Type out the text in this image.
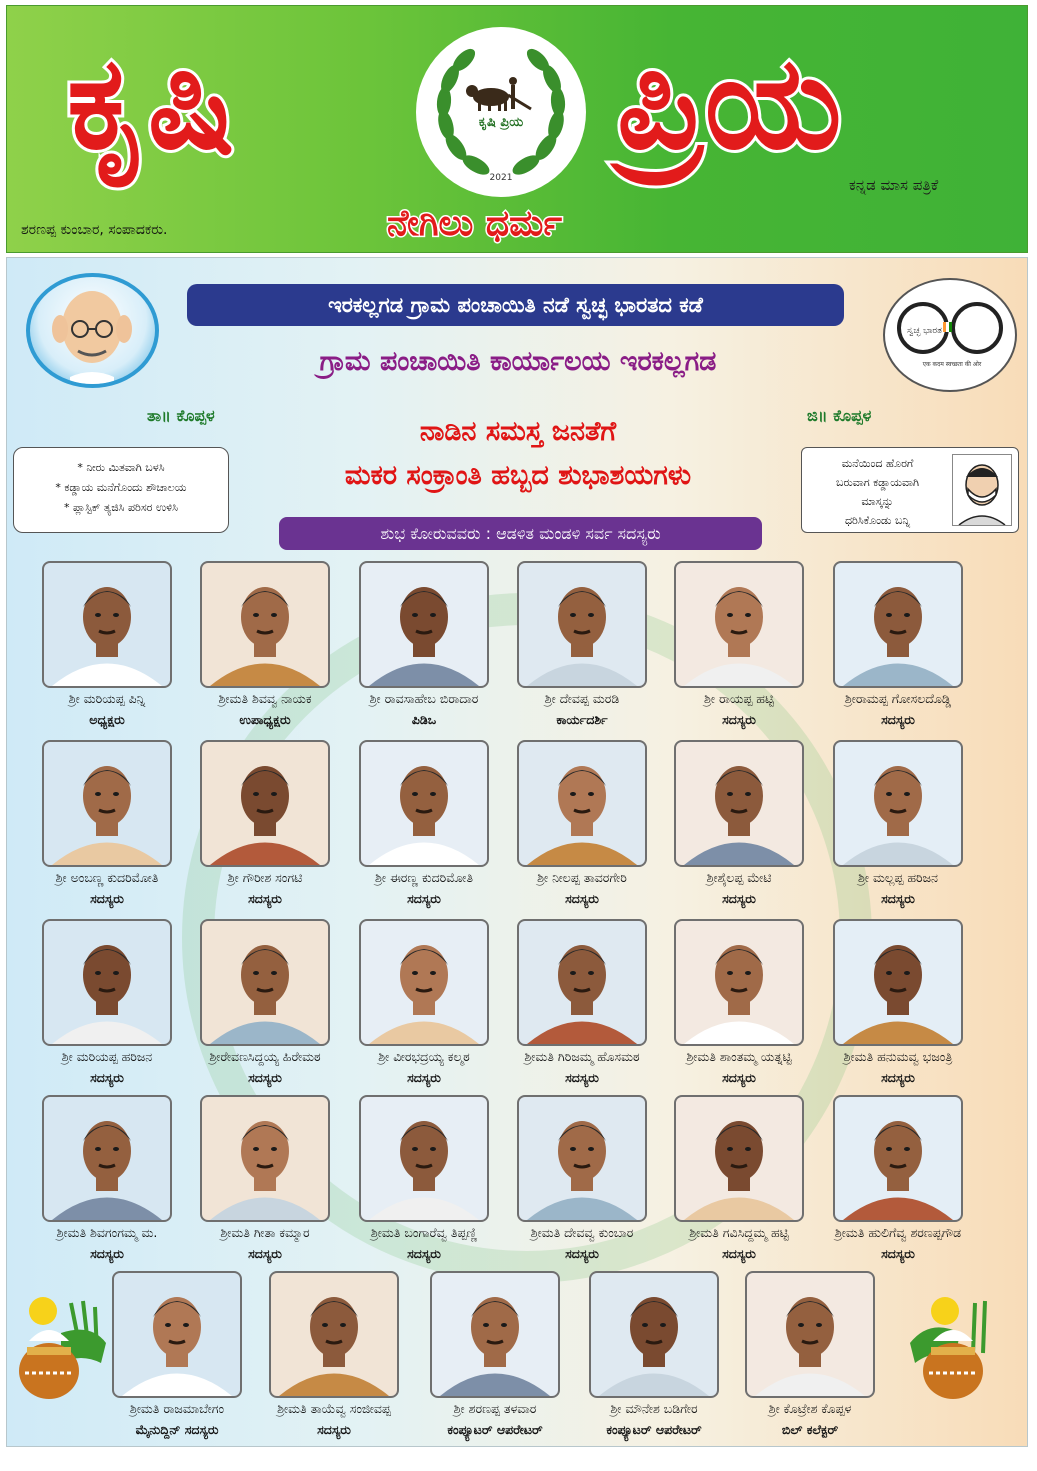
ಕೃಷಿ	ಕೃಷಿ ಪ್ರಿಯ
2021 ಪ್ರಿಯ
ಕನ್ನಡ ಮಾಸ ಪತ್ರಿಕೆ
ಶರಣಪ್ಪ ಕುಂಬಾರ, ಸಂಪಾದಕರು.	ನೇಗಿಲು ಧರ್ಮ
ಇರಕಲ್ಲಗಡ ಗ್ರಾಮ ಪಂಚಾಯಿತಿ ನಡೆ ಸ್ವಚ್ಛ ಭಾರತದ ಕಡೆ
ಸ್ವಚ್ಛ ಭಾರತ
एक कदम स्वच्छता की ओर
ಗ್ರಾಮ ಪಂಚಾಯಿತಿ ಕಾರ್ಯಾಲಯ ಇರಕಲ್ಲಗಡ
ತಾ॥ ಕೊಪ್ಪಳ	ಜಿ॥ ಕೊಪ್ಪಳ
ನಾಡಿನ ಸಮಸ್ತ ಜನತೆಗೆ
ಮಕರ ಸಂಕ್ರಾಂತಿ ಹಬ್ಬದ ಶುಭಾಶಯಗಳು
* ನೀರು ಮಿತವಾಗಿ ಬಳಸಿ
* ಕಡ್ಡಾಯ ಮನೆಗೊಂದು ಶೌಚಾಲಯ
* ಪ್ಲಾಸ್ಟಿಕ್ ತ್ಯಜಿಸಿ ಪರಿಸರ ಉಳಿಸಿ
ಮನೆಯಿಂದ ಹೊರಗೆ
ಬರುವಾಗ ಕಡ್ಡಾಯವಾಗಿ
ಮಾಸ್ಕನ್ನು
ಧರಿಸಿಕೊಂಡು ಬನ್ನಿ
ಶುಭ ಕೋರುವವರು : ಆಡಳಿತ ಮಂಡಳಿ ಸರ್ವ ಸದಸ್ಯರು
ಶ್ರೀ ಮರಿಯಪ್ಪ ಪಿನ್ನಿ
ಅಧ್ಯಕ್ಷರು
ಶ್ರೀಮತಿ ಶಿವವ್ವ ನಾಯಕ
ಉಪಾಧ್ಯಕ್ಷರು
ಶ್ರೀ ರಾವಸಾಹೇಬ ಬಿರಾದಾರ
ಪಿಡಿಒ
ಶ್ರೀ ದೇವಪ್ಪ ಮರಡಿ
ಕಾರ್ಯದರ್ಶಿ
ಶ್ರೀ ರಾಯಪ್ಪ ಹಟ್ಟಿ
ಸದಸ್ಯರು
ಶ್ರೀರಾಮಪ್ಪ ಗೋಸಲದೊಡ್ಡಿ
ಸದಸ್ಯರು
ಶ್ರೀ ಅಂಬಣ್ಣ ಕುದರಿಮೋತಿ
ಸದಸ್ಯರು
ಶ್ರೀ ಗೌರೀಶ ಸಂಗಟಿ
ಸದಸ್ಯರು
ಶ್ರೀ ಈರಣ್ಣ ಕುದರಿಮೋತಿ
ಸದಸ್ಯರು
ಶ್ರೀ ನೀಲಪ್ಪ ತಾವರಗೇರಿ
ಸದಸ್ಯರು
ಶ್ರೀಶೈಲಪ್ಪ ಮೇಟಿ
ಸದಸ್ಯರು
ಶ್ರೀ ಮಲ್ಲಪ್ಪ ಹರಿಜನ
ಸದಸ್ಯರು
ಶ್ರೀ ಮರಿಯಪ್ಪ ಹರಿಜನ
ಸದಸ್ಯರು
ಶ್ರೀರೇವಣಸಿದ್ದಯ್ಯ ಹಿರೇಮಠ
ಸದಸ್ಯರು
ಶ್ರೀ ವೀರಭದ್ರಯ್ಯ ಕಲ್ಮಠ
ಸದಸ್ಯರು
ಶ್ರೀಮತಿ ಗಿರಿಜಮ್ಮ ಹೊಸಮಠ
ಸದಸ್ಯರು
ಶ್ರೀಮತಿ ಶಾಂತಮ್ಮ ಯತ್ನಟ್ಟಿ
ಸದಸ್ಯರು
ಶ್ರೀಮತಿ ಹನುಮವ್ವ ಭಜಂತ್ರಿ
ಸದಸ್ಯರು
ಶ್ರೀಮತಿ ಶಿವಗಂಗಮ್ಮ ಮ.
ಸದಸ್ಯರು
ಶ್ರೀಮತಿ ಗೀತಾ ಕಮ್ಮಾರ
ಸದಸ್ಯರು
ಶ್ರೀಮತಿ ಬಂಗಾರೆವ್ವ ತಿಪ್ಪಣ್ಣಿ
ಸದಸ್ಯರು
ಶ್ರೀಮತಿ ದೇವವ್ವ ಕುಂಬಾರ
ಸದಸ್ಯರು
ಶ್ರೀಮತಿ ಗವಿಸಿದ್ದಮ್ಮ ಹಟ್ಟಿ
ಸದಸ್ಯರು
ಶ್ರೀಮತಿ ಹುಲಿಗೆವ್ವ ಶರಣಪ್ಪಗೌಡ
ಸದಸ್ಯರು
ಶ್ರೀಮತಿ ರಾಜಮಾಬೇಗಂ
ಮೈನುದ್ದಿನ್ ಸದಸ್ಯರು
ಶ್ರೀಮತಿ ತಾಯೆವ್ವ ಸಂಜೀವಪ್ಪ
ಸದಸ್ಯರು
ಶ್ರೀ ಶರಣಪ್ಪ ತಳವಾರ
ಕಂಪ್ಯೂಟರ್ ಆಪರೇಟರ್
ಶ್ರೀ ಮೌನೇಶ ಬಡಿಗೇರ
ಕಂಪ್ಯೂಟರ್ ಆಪರೇಟರ್
ಶ್ರೀ ಕೊಟ್ರೇಶ ಕೊಪ್ಪಳ
ಬಿಲ್ ಕಲೆಕ್ಟರ್
